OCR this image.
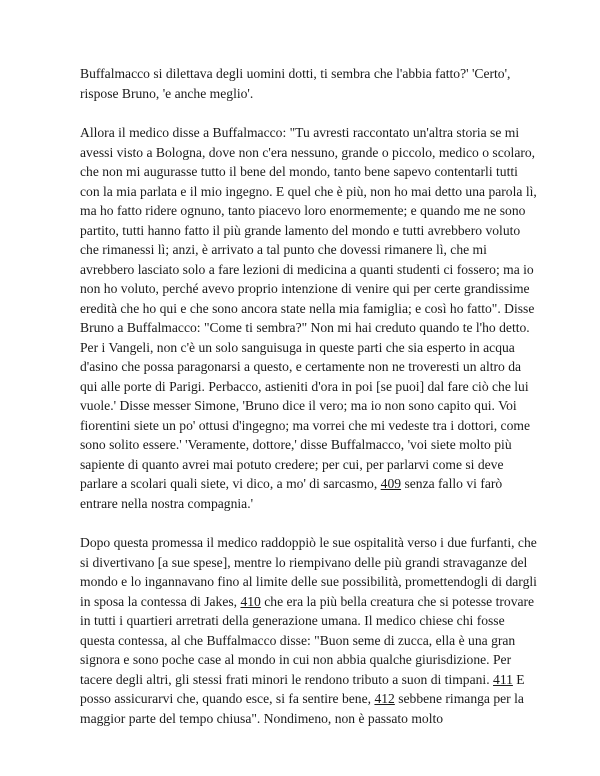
Buffalmacco si dilettava degli uomini dotti, ti sembra che l'abbia fatto?' 'Certo', rispose Bruno, 'e anche meglio'.

Allora il medico disse a Buffalmacco: "Tu avresti raccontato un'altra storia se mi avessi visto a Bologna, dove non c'era nessuno, grande o piccolo, medico o scolaro, che non mi augurasse tutto il bene del mondo, tanto bene sapevo contentarli tutti con la mia parlata e il mio ingegno. E quel che è più, non ho mai detto una parola lì, ma ho fatto ridere ognuno, tanto piacevo loro enormemente; e quando me ne sono partito, tutti hanno fatto il più grande lamento del mondo e tutti avrebbero voluto che rimanessi lì; anzi, è arrivato a tal punto che dovessi rimanere lì, che mi avrebbero lasciato solo a fare lezioni di medicina a quanti studenti ci fossero; ma io non ho voluto, perché avevo proprio intenzione di venire qui per certe grandissime eredità che ho qui e che sono ancora state nella mia famiglia; e così ho fatto". Disse Bruno a Buffalmacco: "Come ti sembra?" Non mi hai creduto quando te l'ho detto. Per i Vangeli, non c'è un solo sanguisuga in queste parti che sia esperto in acqua d'asino che possa paragonarsi a questo, e certamente non ne troveresti un altro da qui alle porte di Parigi. Perbacco, astieniti d'ora in poi [se puoi] dal fare ciò che lui vuole.' Disse messer Simone, 'Bruno dice il vero; ma io non sono capito qui. Voi fiorentini siete un po' ottusi d'ingegno; ma vorrei che mi vedeste tra i dottori, come sono solito essere.' 'Veramente, dottore,' disse Buffalmacco, 'voi siete molto più sapiente di quanto avrei mai potuto credere; per cui, per parlarvi come si deve parlare a scolari quali siete, vi dico, a mo' di sarcasmo, 409 senza fallo vi farò entrare nella nostra compagnia.'

Dopo questa promessa il medico raddoppiò le sue ospitalità verso i due furfanti, che si divertivano [a sue spese], mentre lo riempivano delle più grandi stravaganze del mondo e lo ingannavano fino al limite delle sue possibilità, promettendogli di dargli in sposa la contessa di Jakes, 410 che era la più bella creatura che si potesse trovare in tutti i quartieri arretrati della generazione umana. Il medico chiese chi fosse questa contessa, al che Buffalmacco disse: "Buon seme di zucca, ella è una gran signora e sono poche case al mondo in cui non abbia qualche giurisdizione. Per tacere degli altri, gli stessi frati minori le rendono tributo a suon di timpani. 411 E posso assicurarvi che, quando esce, si fa sentire bene, 412 sebbene rimanga per la maggior parte del tempo chiusa". Nondimeno, non è passato molto
